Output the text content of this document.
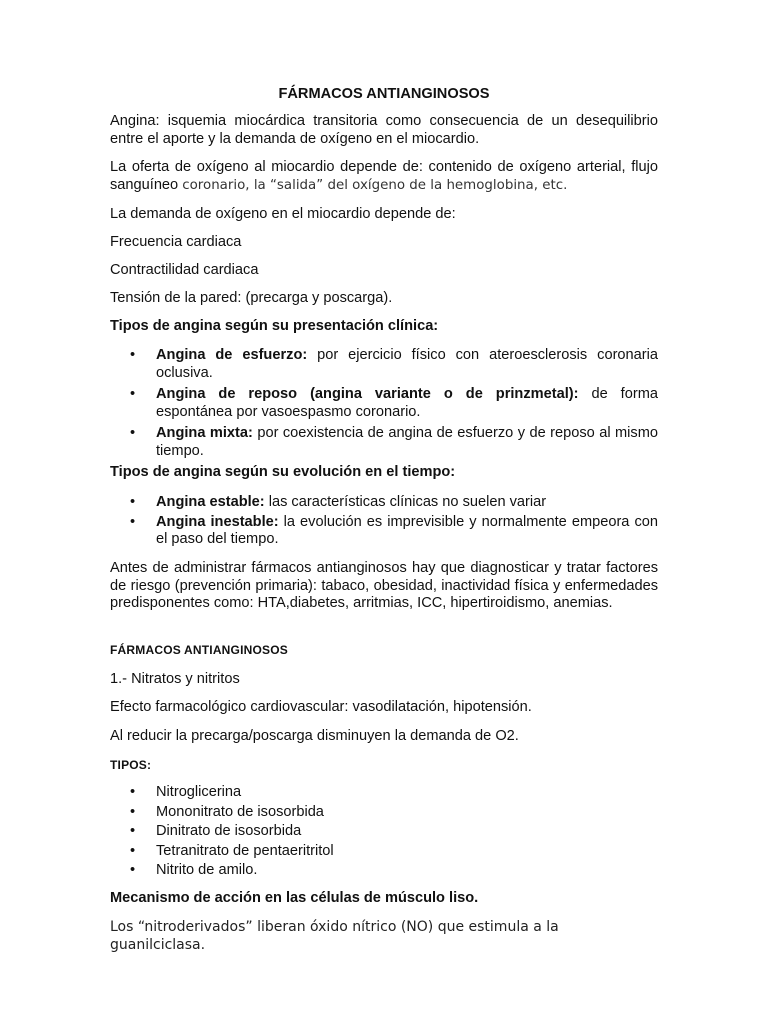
FÁRMACOS ANTIANGINOSOS
Angina: isquemia miocárdica transitoria como consecuencia de un desequilibrio entre el aporte y la demanda de oxígeno en el miocardio.
La oferta de oxígeno al miocardio depende de: contenido de oxígeno arterial, flujo sanguíneo coronario, la “salida” del oxígeno de la hemoglobina, etc.
La demanda de oxígeno en el miocardio depende de:
Frecuencia cardiaca
Contractilidad cardiaca
Tensión de la pared: (precarga y poscarga).
Tipos de angina según su presentación clínica:
• Angina de esfuerzo: por ejercicio físico con ateroesclerosis coronaria oclusiva.
• Angina de reposo (angina variante o de prinzmetal): de forma espontánea por vasoespasmo coronario.
• Angina mixta: por coexistencia de angina de esfuerzo y de reposo al mismo tiempo.
Tipos de angina según su evolución en el tiempo:
• Angina estable: las características clínicas no suelen variar
• Angina inestable: la evolución es imprevisible y normalmente empeora con el paso del tiempo.
Antes de administrar fármacos antianginosos hay que diagnosticar y tratar factores de riesgo (prevención primaria): tabaco, obesidad, inactividad física y enfermedades predisponentes como: HTA,diabetes, arritmias, ICC, hipertiroidismo, anemias.
FÁRMACOS ANTIANGINOSOS
1.- Nitratos y nitritos
Efecto farmacológico cardiovascular: vasodilatación, hipotensión.
Al reducir la precarga/poscarga disminuyen la demanda de O2.
TIPOS:
• Nitroglicerina
• Mononitrato de isosorbida
• Dinitrato de isosorbida
• Tetranitrato de pentaeritritol
• Nitrito de amilo.
Mecanismo de acción en las células de músculo liso.
Los “nitroderivados” liberan óxido nítrico (NO) que estimula a la guanilciclasa.
